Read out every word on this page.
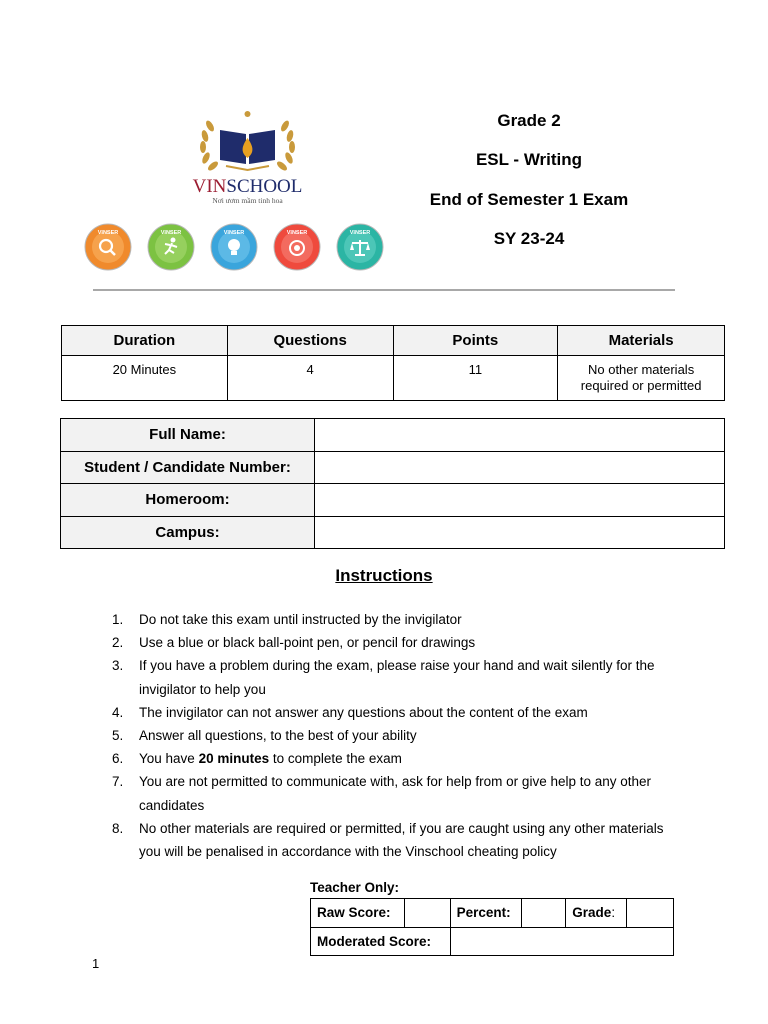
VINSCHOOL
Nơi ươm mầm tinh hoa
VINSER	VINSER	VINSER	VINSER	VINSER
Grade 2
ESL - Writing
End of Semester 1 Exam
SY 23-24
Duration	Questions	Points	Materials
20 Minutes	4	11	No other materials required or permitted
Full Name:	
Student / Candidate Number:	
Homeroom:	
Campus:	
Instructions
1.	Do not take this exam until instructed by the invigilator
2.	Use a blue or black ball-point pen, or pencil for drawings
3.	If you have a problem during the exam, please raise your hand and wait silently for the invigilator to help you
4.	The invigilator can not answer any questions about the content of the exam
5.	Answer all questions, to the best of your ability
6.	You have 20 minutes to complete the exam
7.	You are not permitted to communicate with, ask for help from or give help to any other candidates
8.	No other materials are required or permitted, if you are caught using any other materials you will be penalised in accordance with the Vinschool cheating policy
Teacher Only:
Raw Score:		Percent:		Grade:	
Moderated Score:					
1
